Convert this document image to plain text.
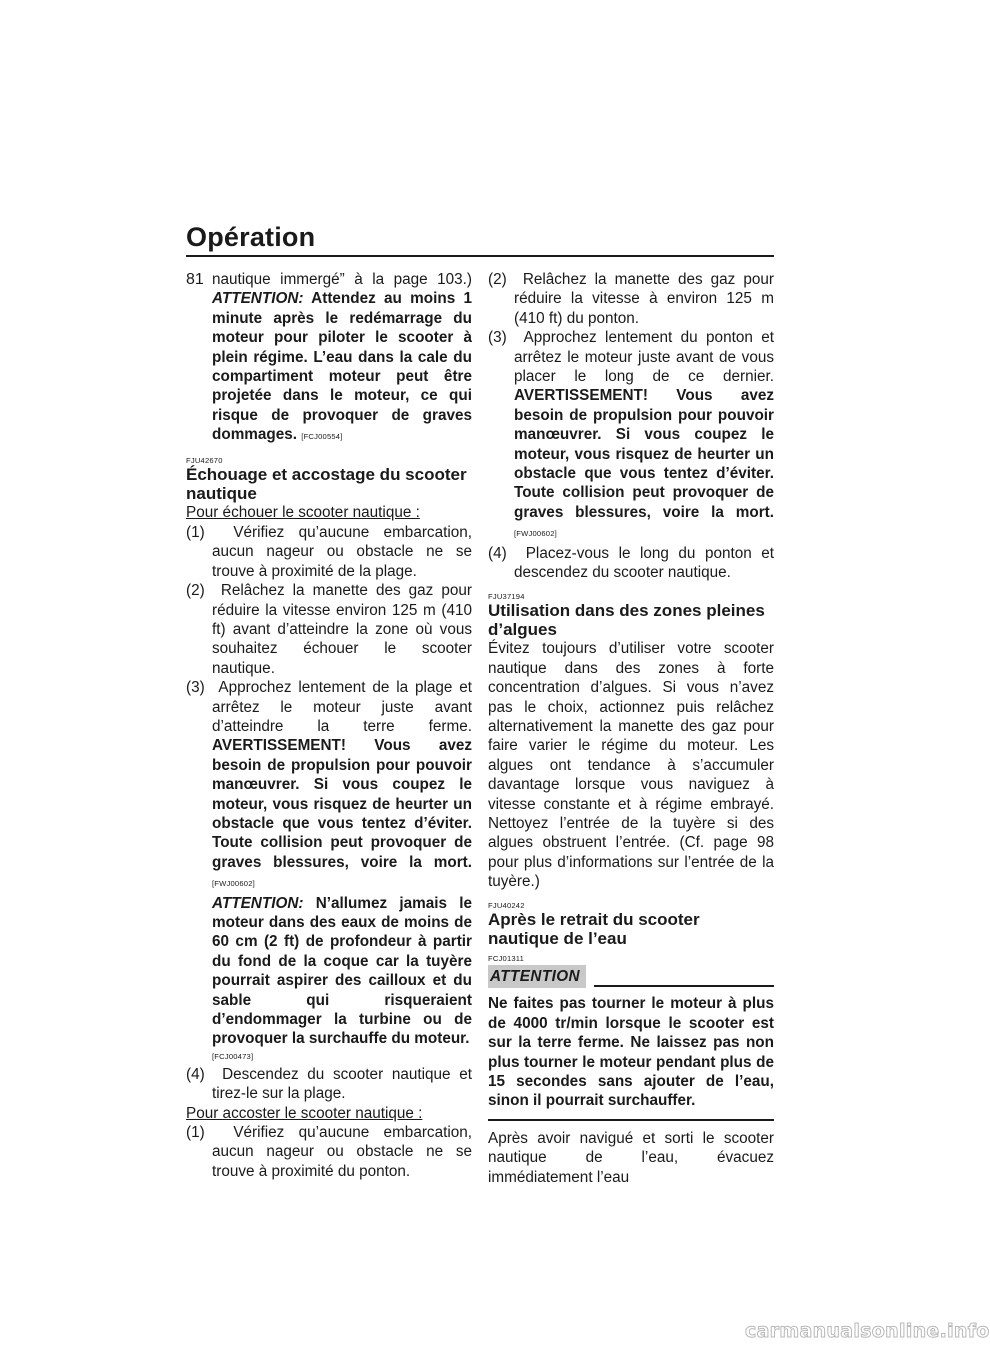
Opération
81 nautique immergé” à la page 103.) ATTENTION: Attendez au moins 1 minute après le redémarrage du moteur pour piloter le scooter à plein régime. L’eau dans la cale du compartiment moteur peut être projetée dans le moteur, ce qui risque de provoquer de graves dommages. [FCJ00554]

FJU42670
Échouage et accostage du scooter nautique

Pour échouer le scooter nautique :

(1) Vérifiez qu’aucune embarcation, aucun nageur ou obstacle ne se trouve à proximité de la plage.

(2) Relâchez la manette des gaz pour réduire la vitesse environ 125 m (410 ft) avant d’atteindre la zone où vous souhaitez échouer le scooter nautique.

(3) Approchez lentement de la plage et arrêtez le moteur juste avant d’atteindre la terre ferme. AVERTISSEMENT! Vous avez besoin de propulsion pour pouvoir manœuvrer. Si vous coupez le moteur, vous risquez de heurter un obstacle que vous tentez d’éviter. Toute collision peut provoquer de graves blessures, voire la mort. [FWJ00602]

ATTENTION: N’allumez jamais le moteur dans des eaux de moins de 60 cm (2 ft) de profondeur à partir du fond de la coque car la tuyère pourrait aspirer des cailloux et du sable qui risqueraient d’endommager la turbine ou de provoquer la surchauffe du moteur.

[FCJ00473]

(4) Descendez du scooter nautique et tirez-le sur la plage.

Pour accoster le scooter nautique :

(1) Vérifiez qu’aucune embarcation, aucun nageur ou obstacle ne se trouve à proximité du ponton.

(2) Relâchez la manette des gaz pour réduire la vitesse à environ 125 m (410 ft) du ponton.

(3) Approchez lentement du ponton et arrêtez le moteur juste avant de vous placer le long de ce dernier. AVERTISSEMENT! Vous avez besoin de propulsion pour pouvoir manœuvrer. Si vous coupez le moteur, vous risquez de heurter un obstacle que vous tentez d’éviter. Toute collision peut provoquer de graves blessures, voire la mort. [FWJ00602]

(4) Placez-vous le long du ponton et descendez du scooter nautique.

FJU37194
Utilisation dans des zones pleines d’algues

Évitez toujours d’utiliser votre scooter nautique dans des zones à forte concentration d’algues. Si vous n’avez pas le choix, actionnez puis relâchez alternativement la manette des gaz pour faire varier le régime du moteur. Les algues ont tendance à s’accumuler davantage lorsque vous naviguez à vitesse constante et à régime embrayé. Nettoyez l’entrée de la tuyère si des algues obstruent l’entrée. (Cf. page 98 pour plus d’informations sur l’entrée de la tuyère.)

FJU40242
Après le retrait du scooter nautique de l’eau
FCJ01311
ATTENTION

Ne faites pas tourner le moteur à plus de 4000 tr/min lorsque le scooter est sur la terre ferme. Ne laissez pas non plus tourner le moteur pendant plus de 15 secondes sans ajouter de l’eau, sinon il pourrait surchauffer.

Après avoir navigué et sorti le scooter nautique de l’eau, évacuez immédiatement l’eau

carmanualsonline.info
